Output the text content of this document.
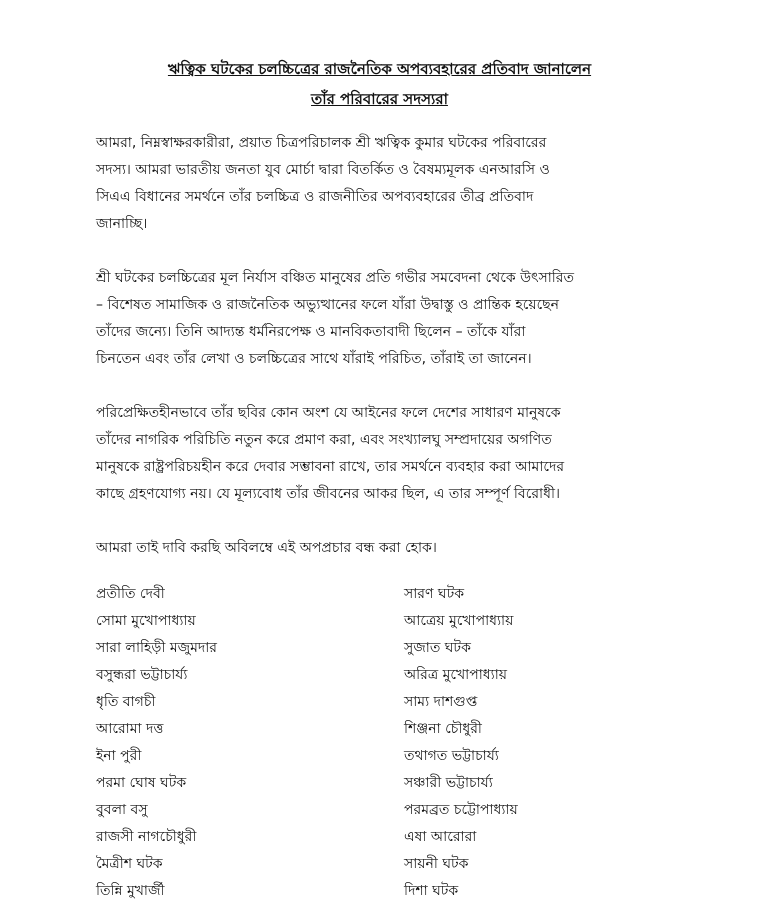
ঋত্বিক ঘটকের চলচ্চিত্রের রাজনৈতিক অপব্যবহারের প্রতিবাদ জানালেন
তাঁর পরিবারের সদস্যরা
আমরা, নিম্নস্বাক্ষরকারীরা, প্রয়াত চিত্রপরিচালক শ্রী ঋত্বিক কুমার ঘটকের পরিবারের
সদস্য। আমরা ভারতীয় জনতা যুব মোর্চা দ্বারা বিতর্কিত ও বৈষম্যমূলক এনআরসি ও
সিএএ বিধানের সমর্থনে তাঁর চলচ্চিত্র ও রাজনীতির অপব্যবহারের তীব্র প্রতিবাদ
জানাচ্ছি।
শ্রী ঘটকের চলচ্চিত্রের মূল নির্যাস বঞ্চিত মানুষের প্রতি গভীর সমবেদনা থেকে উৎসারিত
– বিশেষত সামাজিক ও রাজনৈতিক অভ্যুত্থানের ফলে যাঁরা উদ্বাস্তু ও প্রান্তিক হয়েছেন
তাঁদের জন্যে। তিনি আদ্যন্ত ধর্মনিরপেক্ষ ও মানবিকতাবাদী ছিলেন – তাঁকে যাঁরা
চিনতেন এবং তাঁর লেখা ও চলচ্চিত্রের সাথে যাঁরাই পরিচিত, তাঁরাই তা জানেন।
পরিপ্রেক্ষিতহীনভাবে তাঁর ছবির কোন অংশ যে আইনের ফলে দেশের সাধারণ মানুষকে
তাঁদের নাগরিক পরিচিতি নতুন করে প্রমাণ করা, এবং সংখ্যালঘু সম্প্রদায়ের অগণিত
মানুষকে রাষ্ট্রপরিচয়হীন করে দেবার সম্ভাবনা রাখে, তার সমর্থনে ব্যবহার করা আমাদের
কাছে গ্রহণযোগ্য নয়। যে মূল্যবোধ তাঁর জীবনের আকর ছিল, এ তার সম্পূর্ণ বিরোধী।
আমরা তাই দাবি করছি অবিলম্বে এই অপপ্রচার বন্ধ করা হোক।
প্রতীতি দেবী
সোমা মুখোপাধ্যায়
সারা লাহিড়ী মজুমদার
বসুন্ধরা ভট্টাচার্য্য
ধৃতি বাগচী
আরোমা দত্ত
ইনা পুরী
পরমা ঘোষ ঘটক
বুবলা বসু
রাজসী নাগচৌধুরী
মৈত্রীশ ঘটক
তিন্নি মুখার্জী
সারণ ঘটক
আত্রেয় মুখোপাধ্যায়
সুজাত ঘটক
অরিত্র মুখোপাধ্যায়
সাম্য দাশগুপ্ত
শিঞ্জনা চৌধুরী
তথাগত ভট্টাচার্য্য
সঞ্চারী ভট্টাচার্য্য
পরমব্রত চট্টোপাধ্যায়
এষা আরোরা
সায়নী ঘটক
দিশা ঘটক
